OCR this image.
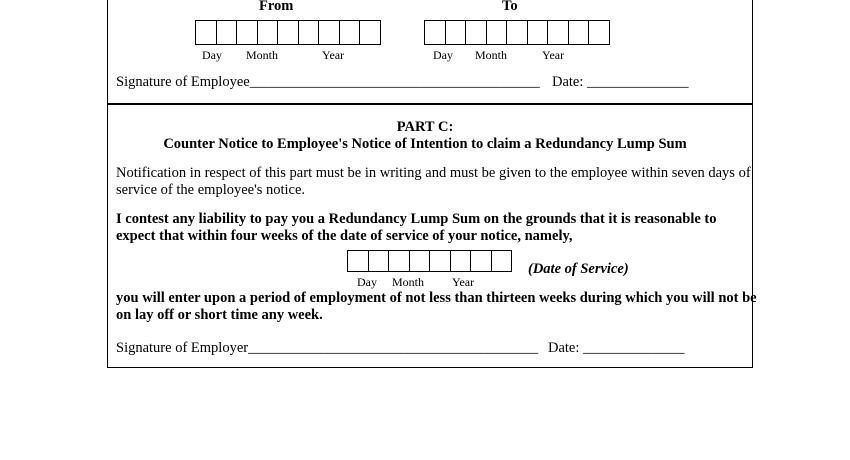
From	To
Day Month	Year	Day Month	Year
Signature of Employee________________________________________ Date: ______________
PART C:
Counter Notice to Employee's Notice of Intention to claim a Redundancy Lump Sum
Notification in respect of this part must be in writing and must be given to the employee within seven days of
service of the employee's notice.
I contest any liability to pay you a Redundancy Lump Sum on the grounds that it is reasonable to
expect that within four weeks of the date of service of your notice, namely,
(Date of Service)
Day Month Year
you will enter upon a period of employment of not less than thirteen weeks during which you will not be
on lay off or short time any week.
Signature of Employer________________________________________ Date: ______________
